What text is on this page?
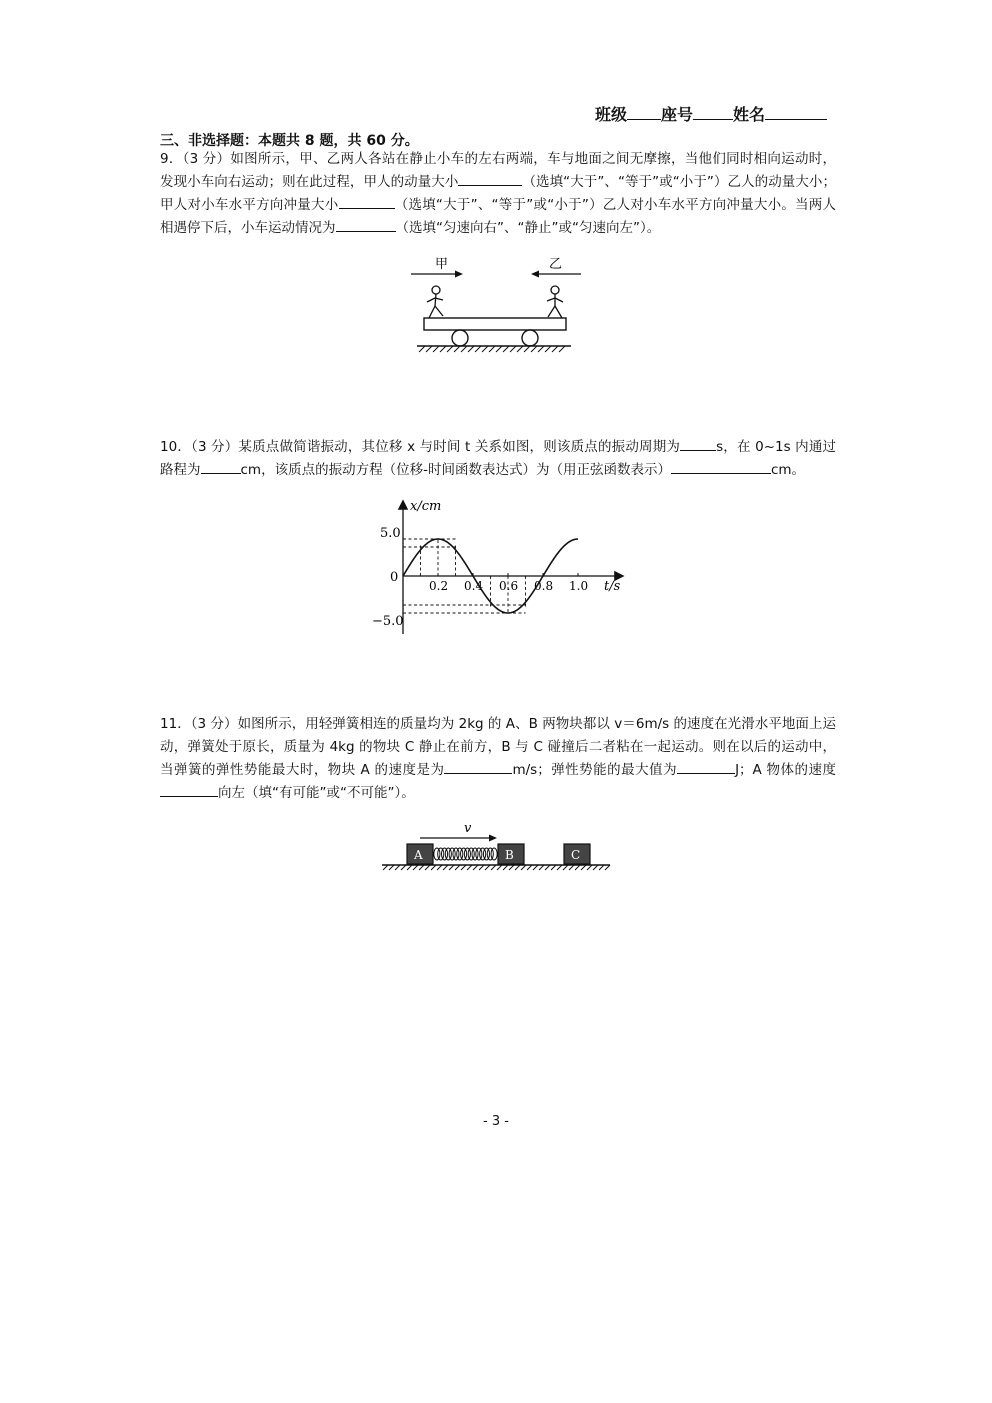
班级 座号	姓名
三、非选择题：本题共 8 题，共 60 分。
9．（3 分）如图所示，甲、乙两人各站在静止小车的左右两端，车与地面之间无摩擦，当他们同时相向运动时，发现小车向右运动；则在此过程，甲人的动量大小	（选填“大于”、“等于”或“小于”）乙人的动量大小；甲人对小车水平方向冲量大小	（选填“大于”、“等于”或“小于”）乙人对小车水平方向冲量大小。当两人相遇停下后，小车运动情况为	（选填“匀速向右”、“静止”或“匀速向左”）。
甲	乙
10．（3 分）某质点做简谐振动，其位移 x 与时间 t 关系如图，则该质点的振动周期为	s，在 0~1s 内通过路程为	cm，该质点的振动方程（位移-时间函数表达式）为（用正弦函数表示）	cm。
x/cm
t/s
5.0
0
−5.0
0.2 0.4 0.6 0.8 1.0
11．（3 分）如图所示，用轻弹簧相连的质量均为 2kg 的 A、B 两物块都以 v＝6m/s 的速度在光滑水平地面上运动，弹簧处于原长，质量为 4kg 的物块 C 静止在前方，B 与 C 碰撞后二者粘在一起运动。则在以后的运动中，当弹簧的弹性势能最大时，物块 A 的速度是为	m/s；弹性势能的最大值为	J；A 物体的速度向左（填“有可能”或“不可能”）。
v
A	B	C
- 3 -
